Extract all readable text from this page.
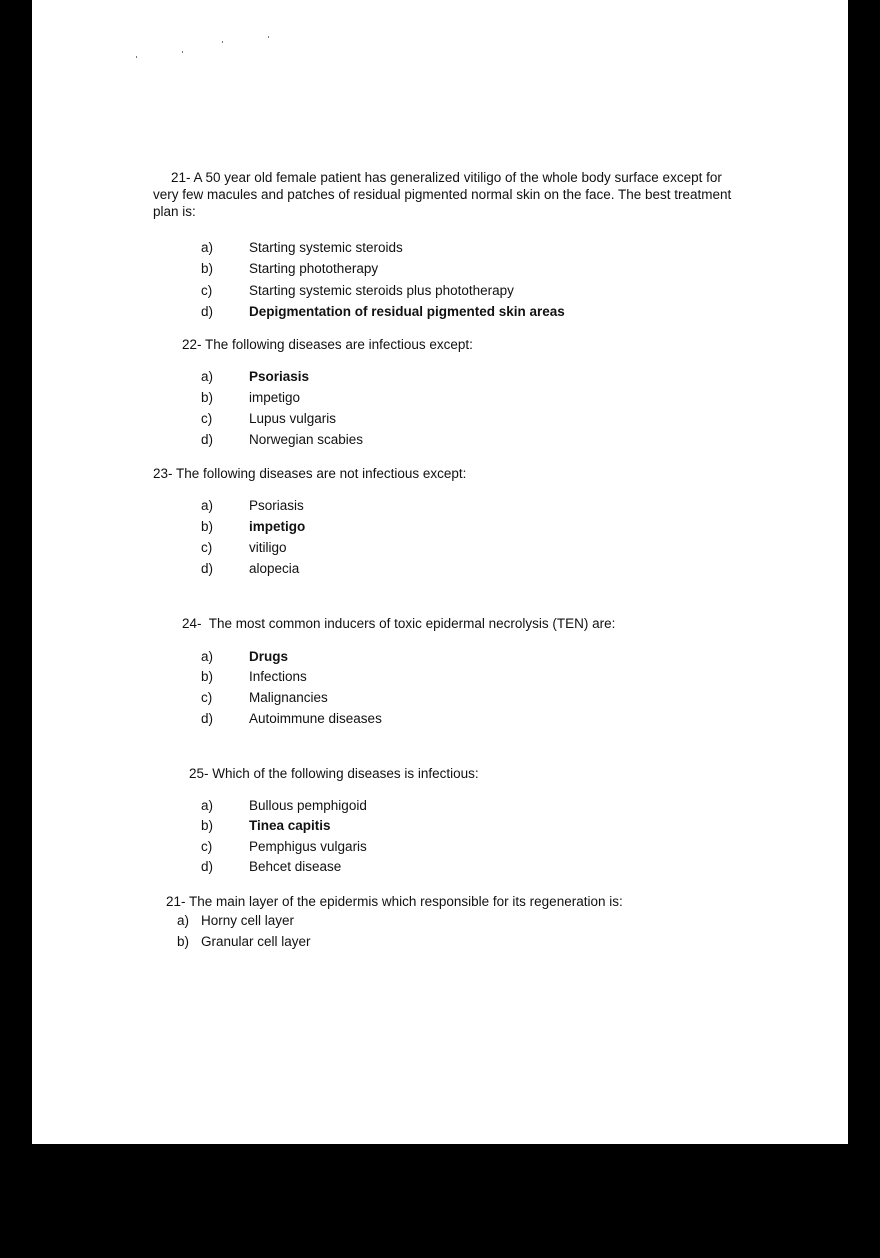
21- A 50 year old female patient has generalized vitiligo of the whole body surface except for very few macules and patches of residual pigmented normal skin on the face. The best treatment plan is:

a)	Starting systemic steroids
b)	Starting phototherapy
c)	Starting systemic steroids plus phototherapy
d)	Depigmentation of residual pigmented skin areas

22- The following diseases are infectious except:

a)	Psoriasis
b)	impetigo
c)	Lupus vulgaris
d)	Norwegian scabies

23- The following diseases are not infectious except:

a)	Psoriasis
b)	impetigo
c)	vitiligo
d)	alopecia

24-  The most common inducers of toxic epidermal necrolysis (TEN) are:

a)	Drugs
b)	Infections
c)	Malignancies
d)	Autoimmune diseases

25- Which of the following diseases is infectious:

a)	Bullous pemphigoid
b)	Tinea capitis
c)	Pemphigus vulgaris
d)	Behcet disease

21- The main layer of the epidermis which responsible for its regeneration is:

a) Horny cell layer
b) Granular cell layer
